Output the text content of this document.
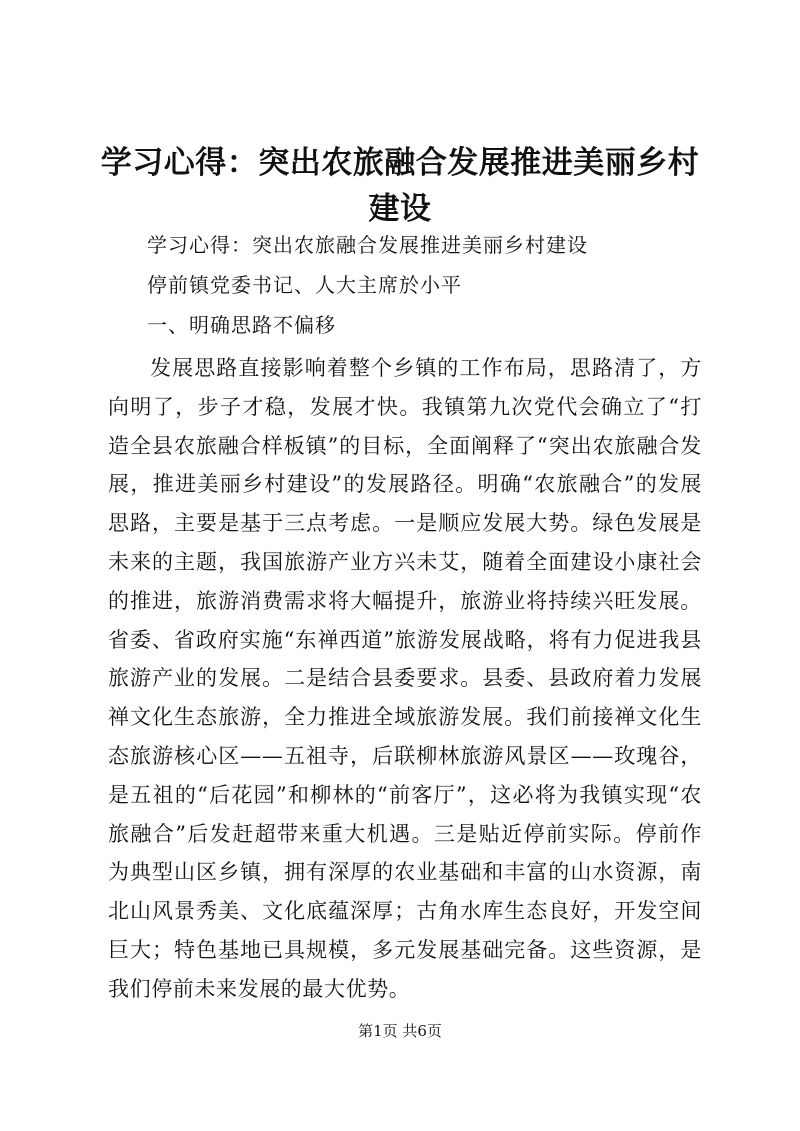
学习心得：突出农旅融合发展推进美丽乡村建设

学习心得：突出农旅融合发展推进美丽乡村建设

停前镇党委书记、人大主席於小平

一、明确思路不偏移

发展思路直接影响着整个乡镇的工作布局，思路清了，方向明了，步子才稳，发展才快。我镇第九次党代会确立了“打造全县农旅融合样板镇”的目标，全面阐释了“突出农旅融合发展，推进美丽乡村建设”的发展路径。明确“农旅融合”的发展思路，主要是基于三点考虑。一是顺应发展大势。绿色发展是未来的主题，我国旅游产业方兴未艾，随着全面建设小康社会的推进，旅游消费需求将大幅提升，旅游业将持续兴旺发展。省委、省政府实施“东禅西道”旅游发展战略，将有力促进我县旅游产业的发展。二是结合县委要求。县委、县政府着力发展禅文化生态旅游，全力推进全域旅游发展。我们前接禅文化生态旅游核心区——五祖寺，后联柳林旅游风景区——玫瑰谷，是五祖的“后花园”和柳林的“前客厅”，这必将为我镇实现“农旅融合”后发赶超带来重大机遇。三是贴近停前实际。停前作为典型山区乡镇，拥有深厚的农业基础和丰富的山水资源，南北山风景秀美、文化底蕴深厚；古角水库生态良好，开发空间巨大；特色基地已具规模，多元发展基础完备。这些资源，是我们停前未来发展的最大优势。

第1页 共6页
